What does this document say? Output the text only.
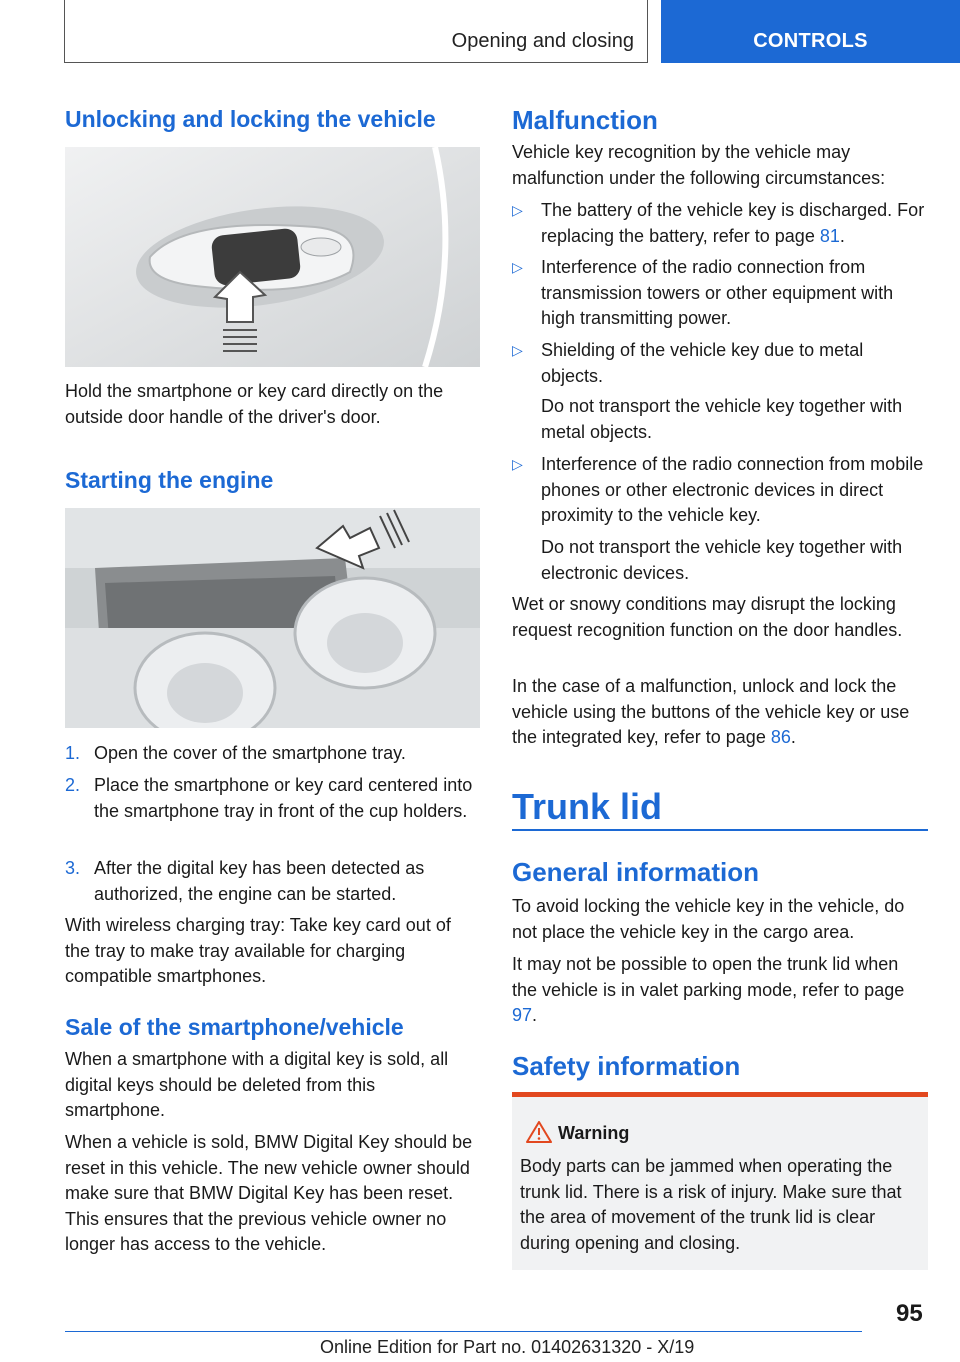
Opening and closing	CONTROLS
Unlocking and locking the vehicle

Hold the smartphone or key card directly on the outside door handle of the driver's door.

Starting the engine
1. Open the cover of the smartphone tray.
2. Place the smartphone or key card centered into the smartphone tray in front of the cup holders.
3. After the digital key has been detected as authorized, the engine can be started.

With wireless charging tray: Take key card out of the tray to make tray available for charging compatible smartphones.

Sale of the smartphone/vehicle

When a smartphone with a digital key is sold, all digital keys should be deleted from this smartphone.

When a vehicle is sold, BMW Digital Key should be reset in this vehicle. The new vehicle owner should make sure that BMW Digital Key has been reset. This ensures that the previous vehicle owner no longer has access to the vehicle.

Malfunction

Vehicle key recognition by the vehicle may malfunction under the following circumstances:

▷ The battery of the vehicle key is discharged. For replacing the battery, refer to page 81.
▷ Interference of the radio connection from transmission towers or other equipment with high transmitting power.
▷ Shielding of the vehicle key due to metal objects.

Do not transport the vehicle key together with metal objects.

▷ Interference of the radio connection from mobile phones or other electronic devices in direct proximity to the vehicle key.

Do not transport the vehicle key together with electronic devices.

Wet or snowy conditions may disrupt the locking request recognition function on the door handles.

In the case of a malfunction, unlock and lock the vehicle using the buttons of the vehicle key or use the integrated key, refer to page 86.

Trunk lid
General information

To avoid locking the vehicle key in the vehicle, do not place the vehicle key in the cargo area.

It may not be possible to open the trunk lid when the vehicle is in valet parking mode, refer to page 97.

Safety information
Warning
Body parts can be jammed when operating the trunk lid. There is a risk of injury. Make sure that the area of movement of the trunk lid is clear during opening and closing.
95
Online Edition for Part no. 01402631320 - X/19
